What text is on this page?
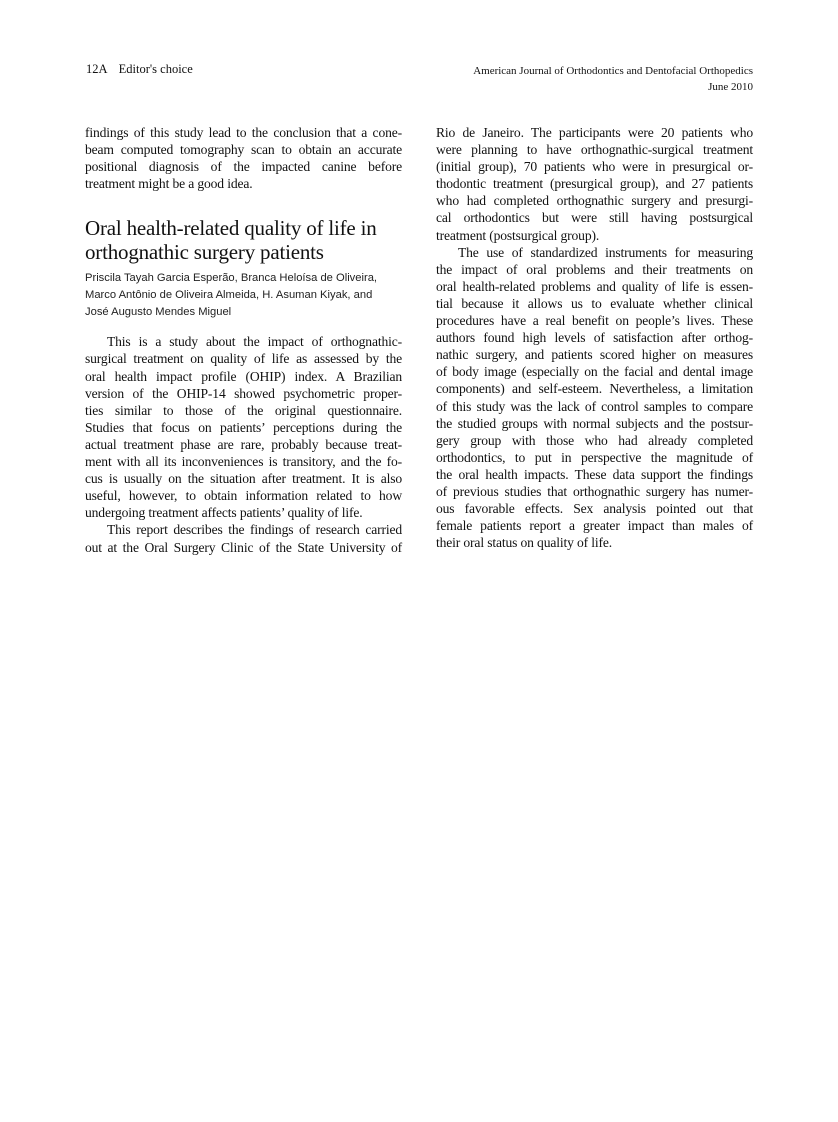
12A Editor's choice	American Journal of Orthodontics and Dentofacial Orthopedics
June 2010
findings of this study lead to the conclusion that a cone-
beam computed tomography scan to obtain an accurate
positional diagnosis of the impacted canine before
treatment might be a good idea.
Oral health-related quality of life in
orthognathic surgery patients
Priscila Tayah Garcia Esperão, Branca Heloísa de Oliveira,
Marco Antônio de Oliveira Almeida, H. Asuman Kiyak, and
José Augusto Mendes Miguel
This is a study about the impact of orthognathic-
surgical treatment on quality of life as assessed by the
oral health impact profile (OHIP) index. A Brazilian
version of the OHIP-14 showed psychometric proper-
ties similar to those of the original questionnaire.
Studies that focus on patients’ perceptions during the
actual treatment phase are rare, probably because treat-
ment with all its inconveniences is transitory, and the fo-
cus is usually on the situation after treatment. It is also
useful, however, to obtain information related to how
undergoing treatment affects patients’ quality of life.
This report describes the findings of research carried
out at the Oral Surgery Clinic of the State University of
Rio de Janeiro. The participants were 20 patients who
were planning to have orthognathic-surgical treatment
(initial group), 70 patients who were in presurgical or-
thodontic treatment (presurgical group), and 27 patients
who had completed orthognathic surgery and presurgi-
cal orthodontics but were still having postsurgical
treatment (postsurgical group).
The use of standardized instruments for measuring
the impact of oral problems and their treatments on
oral health-related problems and quality of life is essen-
tial because it allows us to evaluate whether clinical
procedures have a real benefit on people’s lives. These
authors found high levels of satisfaction after orthog-
nathic surgery, and patients scored higher on measures
of body image (especially on the facial and dental image
components) and self-esteem. Nevertheless, a limitation
of this study was the lack of control samples to compare
the studied groups with normal subjects and the postsur-
gery group with those who had already completed
orthodontics, to put in perspective the magnitude of
the oral health impacts. These data support the findings
of previous studies that orthognathic surgery has numer-
ous favorable effects. Sex analysis pointed out that
female patients report a greater impact than males of
their oral status on quality of life.
